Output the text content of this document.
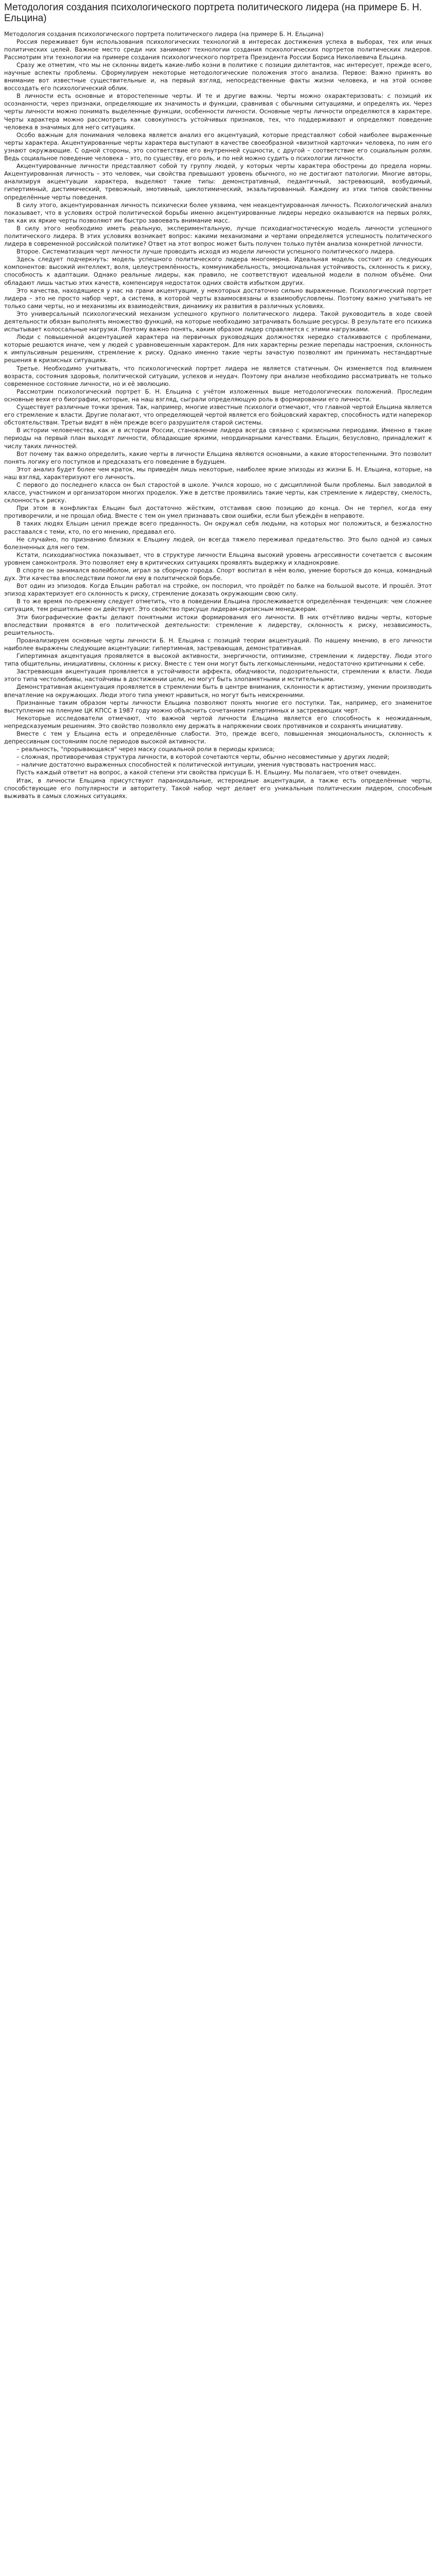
Методология создания психологического портрета политического лидера (на примере Б. Н. Ельцина)

Методология создания психологического портрета политического лидера (на примере Б. Н. Ельцина)

Россия переживает бум использования психологических технологий в интересах достижения успеха в выборах, тех или иных политических целей. Важное место среди них занимают технологии создания психологических портретов политических лидеров. Рассмотрим эти технологии на примере создания психологического портрета Президента России Бориса Николаевича Ельцина.

Сразу же отметим, что мы не склонны видеть какие-либо козни в политике с позиции дилетантов, нас интересует, прежде всего, научные аспекты проблемы. Сформулируем некоторые методологические положения этого анализа. Первое: Важно принять во внимание вот известные существительные и, на первый взгляд, непосредственные факты жизни человека, и на этой основе воссоздать его психологический облик.

В личности есть основные и второстепенные черты. И те и другие важны. Черты можно охарактеризовать: с позиций их осознанности, через признаки, определяющие их значимость и функции, сравнивая с обычными ситуациями, и определять их. Через черты личности можно понимать выделенные функции, особенности личности. Основные черты личности определяются в характере. Черты характера можно рассмотреть как совокупность устойчивых признаков, тех, что поддерживают и определяют поведение человека в значимых для него ситуациях.

Особо важным для понимания человека является анализ его акцентуаций, которые представляют собой наиболее выраженные черты характера. Акцентуированные черты характера выступают в качестве своеобразной «визитной карточки» человека, по ним его узнают окружающие. С одной стороны, это соответствие его внутренней сущности, с другой – соответствие его социальным ролям. Ведь социальное поведение человека – это, по существу, его роль, и по ней можно судить о психологии личности.

Акцентуированные личности представляют собой ту группу людей, у которых черты характера обострены до предела нормы. Акцентуированная личность – это человек, чьи свойства превышают уровень обычного, но не достигают патологии. Многие авторы, анализируя акцентуации характера, выделяют такие типы: демонстративный, педантичный, застревающий, возбудимый, гипертимный, дистимический, тревожный, эмотивный, циклотимический, экзальтированный. Каждому из этих типов свойственны определённые черты поведения.

В силу этого, акцентуированная личность психически более уязвима, чем неакцентуированная личность. Психологический анализ показывает, что в условиях острой политической борьбы именно акцентуированные лидеры нередко оказываются на первых ролях, так как их яркие черты позволяют им быстро завоевать внимание масс.

В силу этого необходимо иметь реальную, экспериментальную, лучше психодиагностическую модель личности успешного политического лидера. В этих условиях возникает вопрос: какими механизмами и чертами определяется успешность политического лидера в современной российской политике? Ответ на этот вопрос может быть получен только путём анализа конкретной личности.

Второе. Систематизация черт личности лучше проводить исходя из модели личности успешного политического лидера.

Здесь следует подчеркнуть: модель успешного политического лидера многомерна. Идеальная модель состоит из следующих компонентов: высокий интеллект, воля, целеустремлённость, коммуникабельность, эмоциональная устойчивость, склонность к риску, способность к адаптации. Однако реальные лидеры, как правило, не соответствуют идеальной модели в полном объёме. Они обладают лишь частью этих качеств, компенсируя недостаток одних свойств избытком других.

Это качества, находящиеся у нас на грани акцентуации, у некоторых достаточно сильно выраженные. Психологический портрет лидера – это не просто набор черт, а система, в которой черты взаимосвязаны и взаимообусловлены. Поэтому важно учитывать не только сами черты, но и механизмы их взаимодействия, динамику их развития в различных условиях.

Это универсальный психологический механизм успешного крупного политического лидера. Такой руководитель в ходе своей деятельности обязан выполнять множество функций, на которые необходимо затрачивать большие ресурсы. В результате его психика испытывает колоссальные нагрузки. Поэтому важно понять, каким образом лидер справляется с этими нагрузками.

Люди с повышенной акцентуацией характера на первичных руководящих должностях нередко сталкиваются с проблемами, которые решаются иначе, чем у людей с уравновешенным характером. Для них характерны резкие перепады настроения, склонность к импульсивным решениям, стремление к риску. Однако именно такие черты зачастую позволяют им принимать нестандартные решения в кризисных ситуациях.

Третье. Необходимо учитывать, что психологический портрет лидера не является статичным. Он изменяется под влиянием возраста, состояния здоровья, политической ситуации, успехов и неудач. Поэтому при анализе необходимо рассматривать не только современное состояние личности, но и её эволюцию.

Рассмотрим психологический портрет Б. Н. Ельцина с учётом изложенных выше методологических положений. Проследим основные вехи его биографии, которые, на наш взгляд, сыграли определяющую роль в формировании его личности.

Существует различные точки зрения. Так, например, многие известные психологи отмечают, что главной чертой Ельцина является его стремление к власти. Другие полагают, что определяющей чертой является его бойцовский характер, способность идти наперекор обстоятельствам. Третьи видят в нём прежде всего разрушителя старой системы.

В истории человечества, как и в истории России, становление лидера всегда связано с кризисными периодами. Именно в такие периоды на первый план выходят личности, обладающие яркими, неординарными качествами. Ельцин, безусловно, принадлежит к числу таких личностей.

Вот почему так важно определить, какие черты в личности Ельцина являются основными, а какие второстепенными. Это позволит понять логику его поступков и предсказать его поведение в будущем.

Этот анализ будет более чем краток, мы приведём лишь некоторые, наиболее яркие эпизоды из жизни Б. Н. Ельцина, которые, на наш взгляд, характеризуют его личность.

С первого до последнего класса он был старостой в школе. Учился хорошо, но с дисциплиной были проблемы. Был заводилой в классе, участником и организатором многих проделок. Уже в детстве проявились такие черты, как стремление к лидерству, смелость, склонность к риску.

При этом в конфликтах Ельцин был достаточно жёстким, отстаивая свою позицию до конца. Он не терпел, когда ему противоречили, и не прощал обид. Вместе с тем он умел признавать свои ошибки, если был убеждён в неправоте.

В таких людях Ельцин ценил прежде всего преданность. Он окружал себя людьми, на которых мог положиться, и безжалостно расставался с теми, кто, по его мнению, предавал его.

Не случайно, по признанию близких к Ельцину людей, он всегда тяжело переживал предательство. Это было одной из самых болезненных для него тем.

Кстати, психодиагностика показывает, что в структуре личности Ельцина высокий уровень агрессивности сочетается с высоким уровнем самоконтроля. Это позволяет ему в критических ситуациях проявлять выдержку и хладнокровие.

В спорте он занимался волейболом, играл за сборную города. Спорт воспитал в нём волю, умение бороться до конца, командный дух. Эти качества впоследствии помогли ему в политической борьбе.

Вот один из эпизодов. Когда Ельцин работал на стройке, он поспорил, что пройдёт по балке на большой высоте. И прошёл. Этот эпизод характеризует его склонность к риску, стремление доказать окружающим свою силу.

В то же время по-прежнему следует отметить, что в поведении Ельцина прослеживается определённая тенденция: чем сложнее ситуация, тем решительнее он действует. Это свойство присуще лидерам-кризисным менеджерам.

Эти биографические факты делают понятными истоки формирования его личности. В них отчётливо видны черты, которые впоследствии проявятся в его политической деятельности: стремление к лидерству, склонность к риску, независимость, решительность.

Проанализируем основные черты личности Б. Н. Ельцина с позиций теории акцентуаций. По нашему мнению, в его личности наиболее выражены следующие акцентуации: гипертимная, застревающая, демонстративная.

Гипертимная акцентуация проявляется в высокой активности, энергичности, оптимизме, стремлении к лидерству. Люди этого типа общительны, инициативны, склонны к риску. Вместе с тем они могут быть легкомысленными, недостаточно критичными к себе.

Застревающая акцентуация проявляется в устойчивости аффекта, обидчивости, подозрительности, стремлении к власти. Люди этого типа честолюбивы, настойчивы в достижении цели, но могут быть злопамятными и мстительными.

Демонстративная акцентуация проявляется в стремлении быть в центре внимания, склонности к артистизму, умении производить впечатление на окружающих. Люди этого типа умеют нравиться, но могут быть неискренними.

Признанные таким образом черты личности Ельцина позволяют понять многие его поступки. Так, например, его знаменитое выступление на пленуме ЦК КПСС в 1987 году можно объяснить сочетанием гипертимных и застревающих черт.

Некоторые исследователи отмечают, что важной чертой личности Ельцина является его способность к неожиданным, непредсказуемым решениям. Это свойство позволяло ему держать в напряжении своих противников и сохранять инициативу.

Вместе с тем у Ельцина есть и определённые слабости. Это, прежде всего, повышенная эмоциональность, склонность к депрессивным состояниям после периодов высокой активности.

– реальность, "прорывающаяся" через маску социальной роли в периоды кризиса;

– сложная, противоречивая структура личности, в которой сочетаются черты, обычно несовместимые у других людей;

– наличие достаточно выраженных способностей к политической интуиции, умения чувствовать настроения масс.

Пусть каждый ответит на вопрос, а какой степени эти свойства присущи Б. Н. Ельцину. Мы полагаем, что ответ очевиден.

Итак, в личности Ельцина присутствуют параноидальные, истероидные акцентуации, а также есть определённые черты, способствующие его популярности и авторитету. Такой набор черт делает его уникальным политическим лидером, способным выживать в самых сложных ситуациях.
